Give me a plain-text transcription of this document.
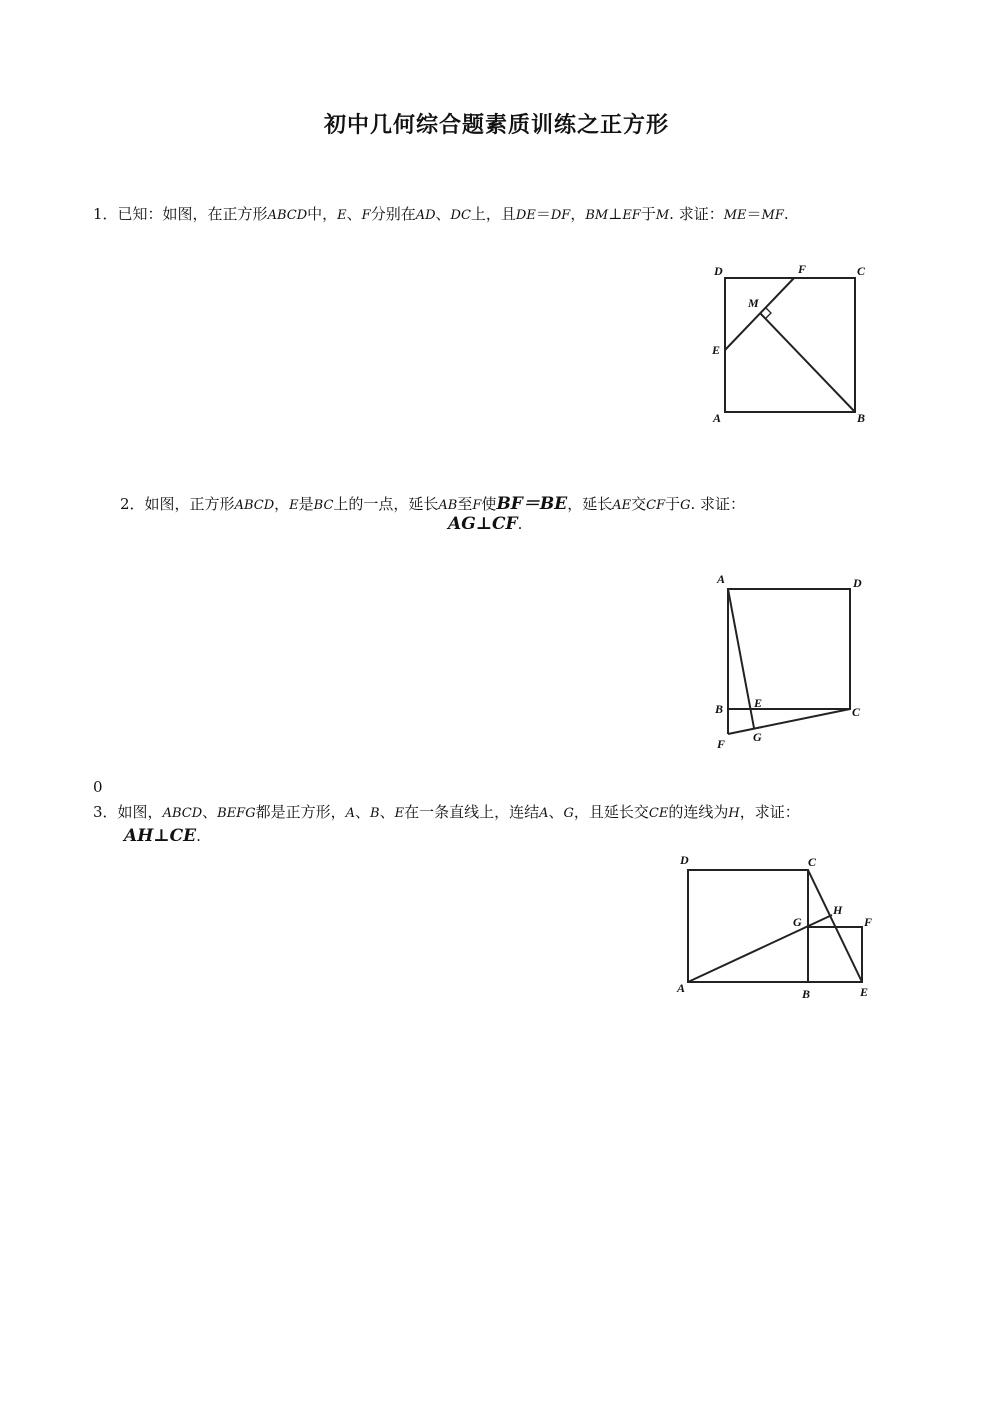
初中几何综合题素质训练之正方形
1．已知：如图，在正方形ABCD中，E、F分别在AD、DC上，且DE＝DF，BM⊥EF于M. 求证：ME＝MF.
D	F	C
M
E
A	B
2．如图，正方形ABCD，E是BC上的一点，延长AB至F使BF＝BE，延长AE交CF于G. 求证：
AG⊥CF.
A	D
B	E
C
F G
0
3．如图，ABCD、BEFG都是正方形，A、B、E在一条直线上，连结A、G，且延长交CE的连线为H，求证：
AH⊥CE.
D	C
H
G	F
A	B	E
